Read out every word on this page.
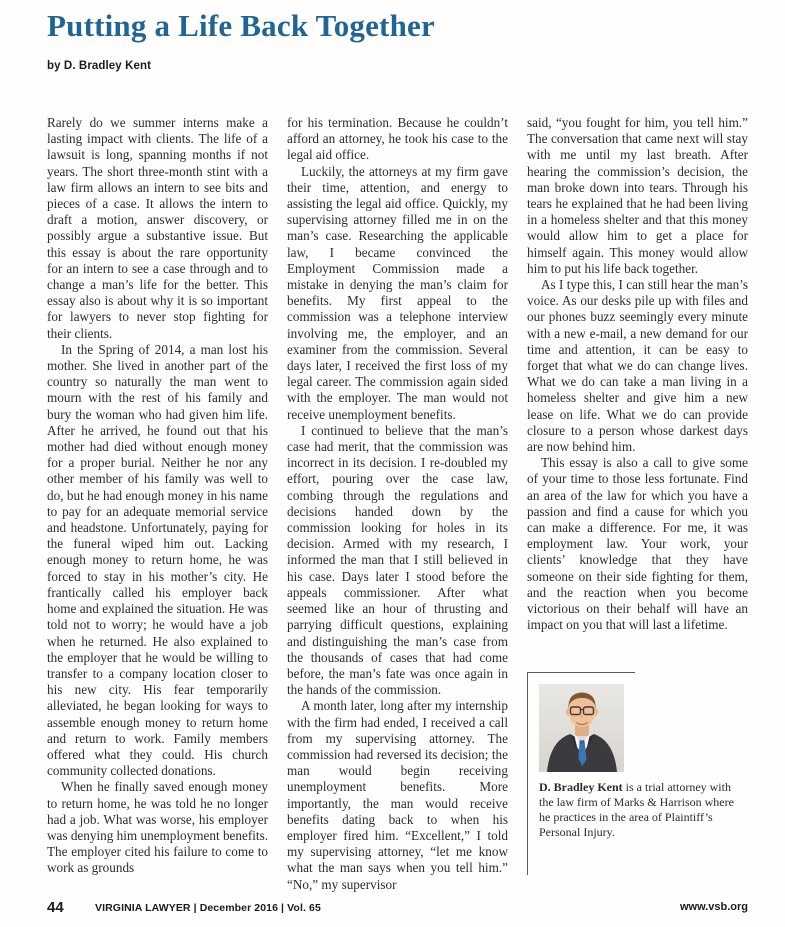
Putting a Life Back Together
by D. Bradley Kent

Rarely do we summer interns make a lasting impact with clients. The life of a lawsuit is long, spanning months if not years. The short three-month stint with a law firm allows an intern to see bits and pieces of a case. It allows the intern to draft a motion, answer discovery, or possibly argue a substantive issue. But this essay is about the rare opportunity for an intern to see a case through and to change a man’s life for the better. This essay also is about why it is so important for lawyers to never stop fighting for their clients.

In the Spring of 2014, a man lost his mother. She lived in another part of the country so naturally the man went to mourn with the rest of his family and bury the woman who had given him life. After he arrived, he found out that his mother had died without enough money for a proper burial. Neither he nor any other member of his family was well to do, but he had enough money in his name to pay for an adequate memorial service and headstone. Unfortunately, paying for the funeral wiped him out. Lacking enough money to return home, he was forced to stay in his mother’s city. He frantically called his employer back home and explained the situation. He was told not to worry; he would have a job when he returned. He also explained to the employer that he would be willing to transfer to a company location closer to his new city. His fear temporarily alleviated, he began looking for ways to assemble enough money to return home and return to work. Family members offered what they could. His church community collected donations.

When he finally saved enough money to return home, he was told he no longer had a job. What was worse, his employer was denying him unemployment benefits. The employer cited his failure to come to work as grounds

for his termination. Because he couldn’t afford an attorney, he took his case to the legal aid office.

Luckily, the attorneys at my firm gave their time, attention, and energy to assisting the legal aid office. Quickly, my supervising attorney filled me in on the man’s case. Researching the applicable law, I became convinced the Employment Commission made a mistake in denying the man’s claim for benefits. My first appeal to the commission was a telephone interview involving me, the employer, and an examiner from the commission. Several days later, I received the first loss of my legal career. The commission again sided with the employer. The man would not receive unemployment benefits.

I continued to believe that the man’s case had merit, that the commission was incorrect in its decision. I re-doubled my effort, pouring over the case law, combing through the regulations and decisions handed down by the commission looking for holes in its decision. Armed with my research, I informed the man that I still believed in his case. Days later I stood before the appeals commissioner. After what seemed like an hour of thrusting and parrying difficult questions, explaining and distinguishing the man’s case from the thousands of cases that had come before, the man’s fate was once again in the hands of the commission.

A month later, long after my internship with the firm had ended, I received a call from my supervising attorney. The commission had reversed its decision; the man would begin receiving unemployment benefits. More importantly, the man would receive benefits dating back to when his employer fired him. “Excellent,” I told my supervising attorney, “let me know what the man says when you tell him.” “No,” my supervisor

said, “you fought for him, you tell him.” The conversation that came next will stay with me until my last breath. After hearing the commission’s decision, the man broke down into tears. Through his tears he explained that he had been living in a homeless shelter and that this money would allow him to get a place for himself again. This money would allow him to put his life back together.

As I type this, I can still hear the man’s voice. As our desks pile up with files and our phones buzz seemingly every minute with a new e-mail, a new demand for our time and attention, it can be easy to forget that what we do can change lives. What we do can take a man living in a homeless shelter and give him a new lease on life. What we do can provide closure to a person whose darkest days are now behind him.

This essay is also a call to give some of your time to those less fortunate. Find an area of the law for which you have a passion and find a cause for which you can make a difference. For me, it was employment law. Your work, your clients’ knowledge that they have someone on their side fighting for them, and the reaction when you become victorious on their behalf will have an impact on you that will last a lifetime.

D. Bradley Kent is a trial attorney with the law firm of Marks & Harrison where he practices in the area of Plaintiff’s Personal Injury.
44	VIRGINIA LAWYER | December 2016 | Vol. 65	www.vsb.org
